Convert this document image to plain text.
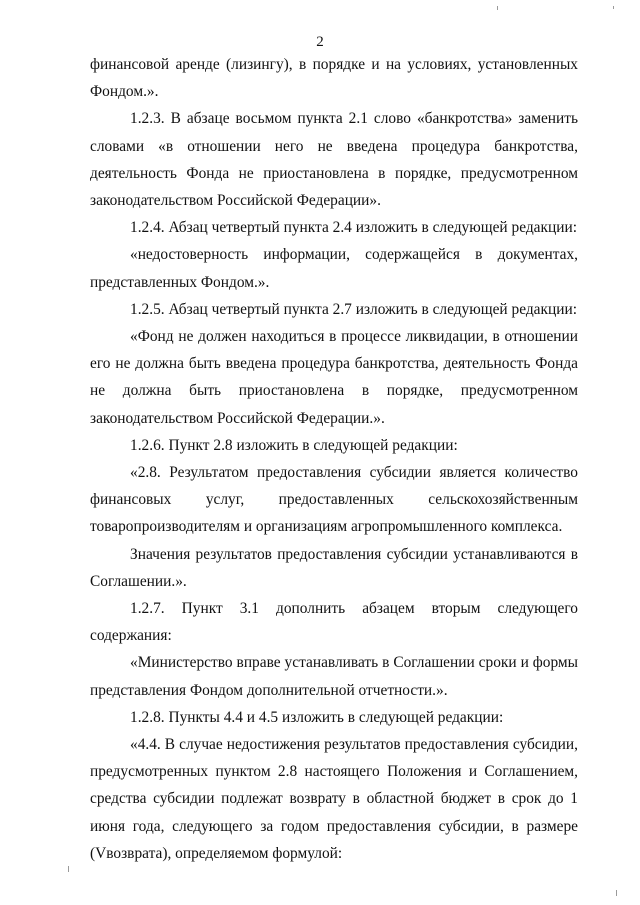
2

финансовой аренде (лизингу), в порядке и на условиях, установленных Фондом.».

1.2.3. В абзаце восьмом пункта 2.1 слово «банкротства» заменить словами «в отношении него не введена процедура банкротства, деятельность Фонда не приостановлена в порядке, предусмотренном законодательством Российской Федерации».

1.2.4. Абзац четвертый пункта 2.4 изложить в следующей редакции:

«недостоверность информации, содержащейся в документах, представленных Фондом.».

1.2.5. Абзац четвертый пункта 2.7 изложить в следующей редакции:

«Фонд не должен находиться в процессе ликвидации, в отношении его не должна быть введена процедура банкротства, деятельность Фонда не должна быть приостановлена в порядке, предусмотренном законодательством Российской Федерации.».

1.2.6. Пункт 2.8 изложить в следующей редакции:

«2.8. Результатом предоставления субсидии является количество финансовых услуг, предоставленных сельскохозяйственным товаропроизводителям и организациям агропромышленного комплекса.

Значения результатов предоставления субсидии устанавливаются в Соглашении.».

1.2.7. Пункт 3.1 дополнить абзацем вторым следующего содержания:

«Министерство вправе устанавливать в Соглашении сроки и формы представления Фондом дополнительной отчетности.».

1.2.8. Пункты 4.4 и 4.5 изложить в следующей редакции:

«4.4. В случае недостижения результатов предоставления субсидии, предусмотренных пунктом 2.8 настоящего Положения и Соглашением, средства субсидии подлежат возврату в областной бюджет в срок до 1 июня года, следующего за годом предоставления субсидии, в размере (Vвозврата), определяемом формулой:
